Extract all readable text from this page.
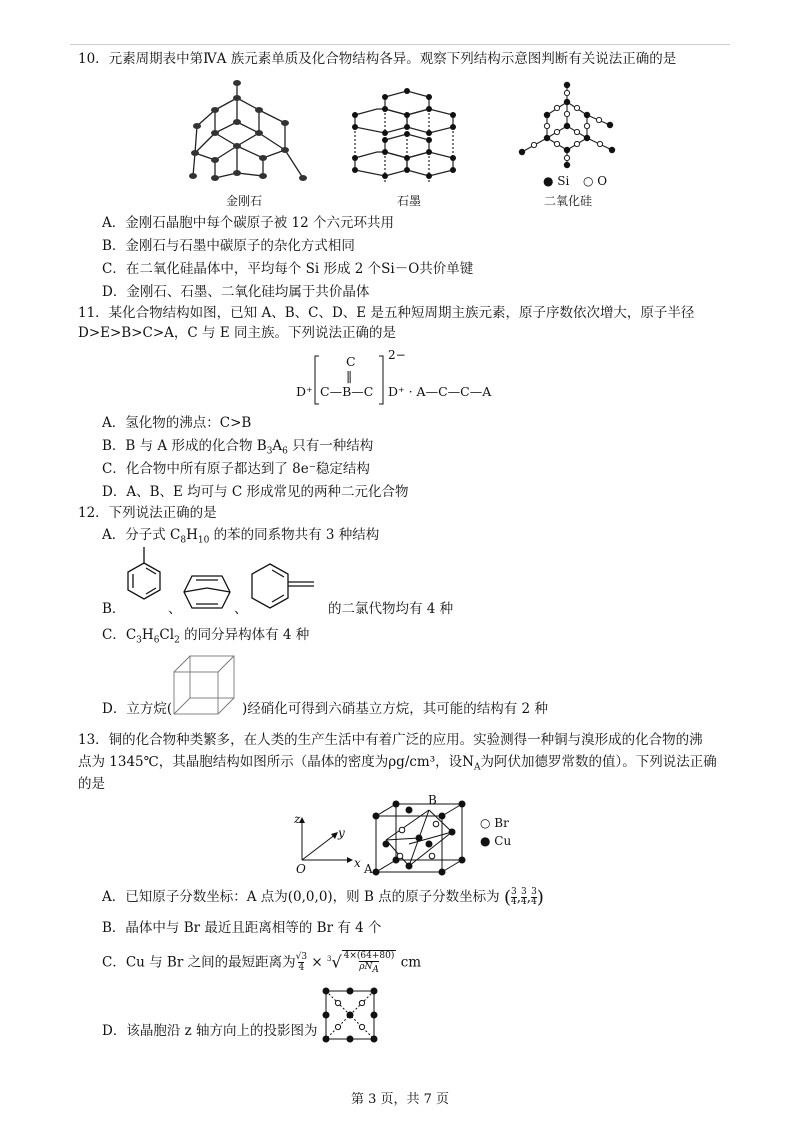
10．元素周期表中第ⅣA 族元素单质及化合物结构各异。观察下列结构示意图判断有关说法正确的是
金刚石	石墨
● Si ○ O
二氧化硅
A．金刚石晶胞中每个碳原子被 12 个六元环共用
B．金刚石与石墨中碳原子的杂化方式相同
C．在二氧化硅晶体中，平均每个 Si 形成 2 个Si－O共价单键
D．金刚石、石墨、二氧化硅均属于共价晶体
11．某化合物结构如图，已知 A、B、C、D、E 是五种短周期主族元素，原子序数依次增大，原子半径
D>E>B>C>A，C 与 E 同主族。下列说法正确的是
D⁺
C
‖
C—B—C
2−
D⁺ · A—C—C—A
A．氢化物的沸点：C>B
B．B 与 A 形成的化合物 $B_3A_6$ 只有一种结构
C．化合物中所有原子都达到了 8e⁻稳定结构
D．A、B、E 均可与 C 形成常见的两种二元化合物
12．下列说法正确的是
A．分子式 $C_8H_{10}$ 的苯的同系物共有 3 种结构
B．	、	、	的二氯代物均有 4 种
C．$C_3H_6Cl_2$ 的同分异构体有 4 种
D．立方烷(	)经硝化可得到六硝基立方烷，其可能的结构有 2 种
13．铜的化合物种类繁多，在人类的生产生活中有着广泛的应用。实验测得一种铜与溴形成的化合物的沸
点为 1345℃，其晶胞结构如图所示（晶体的密度为ρg/cm³，设$N_A$为阿伏加德罗常数的值）。下列说法正确
的是
z
y
x
O
B
A
○ Br
● Cu
A．已知原子分数坐标：A 点为(0,0,0)，则 B 点的原子分数坐标为 ( $\frac{3}{4}$ , $\frac{3}{4}$ , $\frac{3}{4}$ )
B．晶体中与 Br 最近且距离相等的 Br 有 4 个
C．Cu 与 Br 之间的最短距离为 $\frac{√3}{4} \times ^3√$ 4×(64+80)
$\rho N_A$ cm
D．该晶胞沿 z 轴方向上的投影图为
第 3 页，共 7 页
